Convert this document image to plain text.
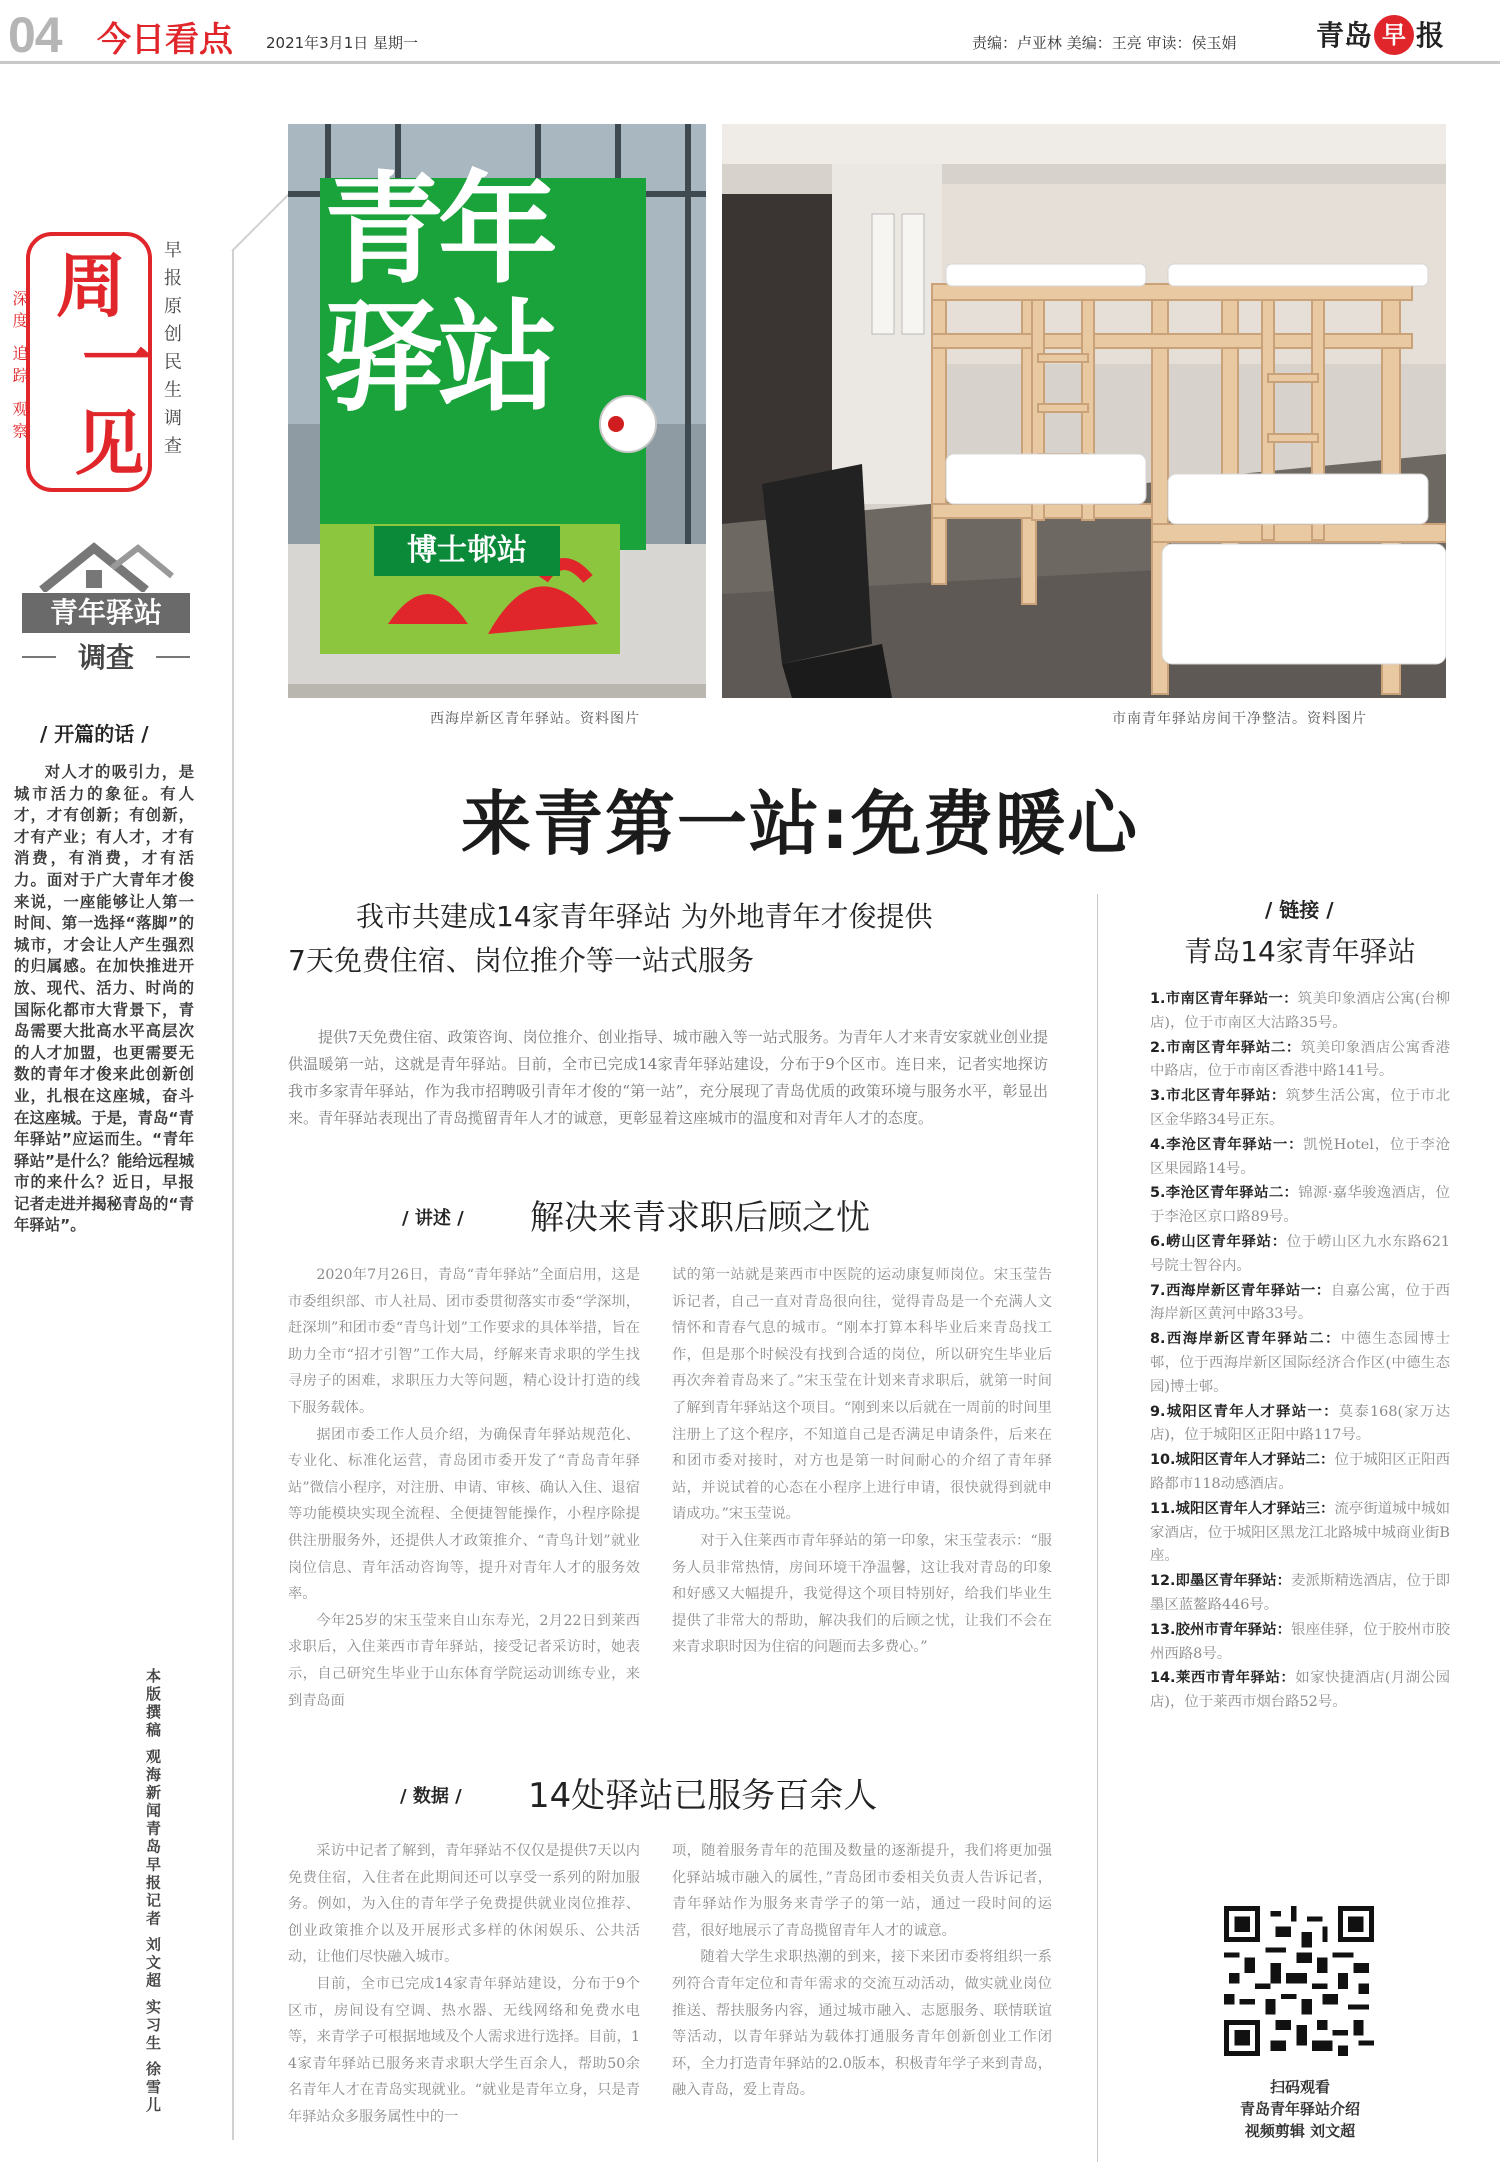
04 今日看点 2021年3月1日 星期一	责编：卢亚林 美编：王亮 审读：侯玉娟	青岛 早 报
周
一
见
深度 追踪 观察	早报原创民生调查
青年驿站
调查
/ 开篇的话 /
对人才的吸引力，是城市活力的象征。有人才，才有创新；有创新，才有产业；有人才，才有消费，有消费，才有活力。面对于广大青年才俊来说，一座能够让人第一时间、第一选择“落脚”的城市，才会让人产生强烈的归属感。在加快推进开放、现代、活力、时尚的国际化都市大背景下，青岛需要大批高水平高层次的人才加盟，也更需要无数的青年才俊来此创新创业，扎根在这座城，奋斗在这座城。于是，青岛“青年驿站”应运而生。“青年驿站”是什么？能给远程城市的来什么？近日，早报记者走进并揭秘青岛的“青年驿站”。
本版撰稿 观海新闻青岛早报记者 刘文超 实习生 徐雪儿
青年
驿站
博士邨站
西海岸新区青年驿站。资料图片	市南青年驿站房间干净整洁。资料图片
来青第一站:免费暖心
我市共建成14家青年驿站 为外地青年才俊提供
7天免费住宿、岗位推介等一站式服务
提供7天免费住宿、政策咨询、岗位推介、创业指导、城市融入等一站式服务。为青年人才来青安家就业创业提供温暖第一站，这就是青年驿站。目前，全市已完成14家青年驿站建设，分布于9个区市。连日来，记者实地探访我市多家青年驿站，作为我市招聘吸引青年才俊的“第一站”，充分展现了青岛优质的政策环境与服务水平，彰显出来。青年驿站表现出了青岛揽留青年人才的诚意，更彰显着这座城市的温度和对青年人才的态度。
/ 讲述 / 解决来青求职后顾之忧

2020年7月26日，青岛“青年驿站”全面启用，这是市委组织部、市人社局、团市委贯彻落实市委“学深圳，赶深圳”和团市委“青鸟计划”工作要求的具体举措，旨在助力全市“招才引智”工作大局，纾解来青求职的学生找寻房子的困难，求职压力大等问题，精心设计打造的线下服务载体。

据团市委工作人员介绍，为确保青年驿站规范化、专业化、标准化运营，青岛团市委开发了“青岛青年驿站”微信小程序，对注册、申请、审核、确认入住、退宿等功能模块实现全流程、全便捷智能操作，小程序除提供注册服务外，还提供人才政策推介、“青鸟计划”就业岗位信息、青年活动咨询等，提升对青年人才的服务效率。

今年25岁的宋玉莹来自山东寿光，2月22日到莱西求职后，入住莱西市青年驿站，接受记者采访时，她表示，自己研究生毕业于山东体育学院运动训练专业，来到青岛面

试的第一站就是莱西市中医院的运动康复师岗位。宋玉莹告诉记者，自己一直对青岛很向往，觉得青岛是一个充满人文情怀和青春气息的城市。“刚本打算本科毕业后来青岛找工作，但是那个时候没有找到合适的岗位，所以研究生毕业后再次奔着青岛来了。”宋玉莹在计划来青求职后，就第一时间了解到青年驿站这个项目。“刚到来以后就在一周前的时间里注册上了这个程序，不知道自己是否满足申请条件，后来在和团市委对接时，对方也是第一时间耐心的介绍了青年驿站，并说试着的心态在小程序上进行申请，很快就得到就申请成功。”宋玉莹说。

对于入住莱西市青年驿站的第一印象，宋玉莹表示：“服务人员非常热情，房间环境干净温馨，这让我对青岛的印象和好感又大幅提升，我觉得这个项目特别好，给我们毕业生提供了非常大的帮助，解决我们的后顾之忧，让我们不会在来青求职时因为住宿的问题而去多费心。”

/ 数据 / 14处驿站已服务百余人

采访中记者了解到，青年驿站不仅仅是提供7天以内免费住宿，入住者在此期间还可以享受一系列的附加服务。例如，为入住的青年学子免费提供就业岗位推荐、创业政策推介以及开展形式多样的休闲娱乐、公共活动，让他们尽快融入城市。

目前，全市已完成14家青年驿站建设，分布于9个区市，房间设有空调、热水器、无线网络和免费水电等，来青学子可根据地域及个人需求进行选择。目前，14家青年驿站已服务来青求职大学生百余人，帮助50余名青年人才在青岛实现就业。“就业是青年立身，只是青年驿站众多服务属性中的一

项，随着服务青年的范围及数量的逐渐提升，我们将更加强化驿站城市融入的属性，”青岛团市委相关负责人告诉记者，青年驿站作为服务来青学子的第一站，通过一段时间的运营，很好地展示了青岛揽留青年人才的诚意。

随着大学生求职热潮的到来，接下来团市委将组织一系列符合青年定位和青年需求的交流互动活动，做实就业岗位推送、帮扶服务内容，通过城市融入、志愿服务、联情联谊等活动，以青年驿站为载体打通服务青年创新创业工作闭环，全力打造青年驿站的2.0版本，积极青年学子来到青岛，融入青岛，爱上青岛。

/ 链接 /
青岛14家青年驿站
1.市南区青年驿站一：筑美印象酒店公寓(台柳店)，位于市南区大沽路35号。
2.市南区青年驿站二：筑美印象酒店公寓香港中路店，位于市南区香港中路141号。
3.市北区青年驿站：筑梦生活公寓，位于市北区金华路34号正东。
4.李沧区青年驿站一：凯悦Hotel，位于李沧区果园路14号。
5.李沧区青年驿站二：锦源·嘉华骏逸酒店，位于李沧区京口路89号。
6.崂山区青年驿站：位于崂山区九水东路621号院士智谷内。
7.西海岸新区青年驿站一：自嘉公寓，位于西海岸新区黄河中路33号。
8.西海岸新区青年驿站二：中德生态园博士邨，位于西海岸新区国际经济合作区(中德生态园)博士邨。
9.城阳区青年人才驿站一：莫泰168(家万达店)，位于城阳区正阳中路117号。
10.城阳区青年人才驿站二：位于城阳区正阳西路都市118动感酒店。
11.城阳区青年人才驿站三：流亭街道城中城如家酒店，位于城阳区黑龙江北路城中城商业街B座。
12.即墨区青年驿站：麦派斯精选酒店，位于即墨区蓝鳌路446号。
13.胶州市青年驿站：银座佳驿，位于胶州市胶州西路8号。
14.莱西市青年驿站：如家快捷酒店(月湖公园店)，位于莱西市烟台路52号。
扫码观看
青岛青年驿站介绍
视频剪辑 刘文超
